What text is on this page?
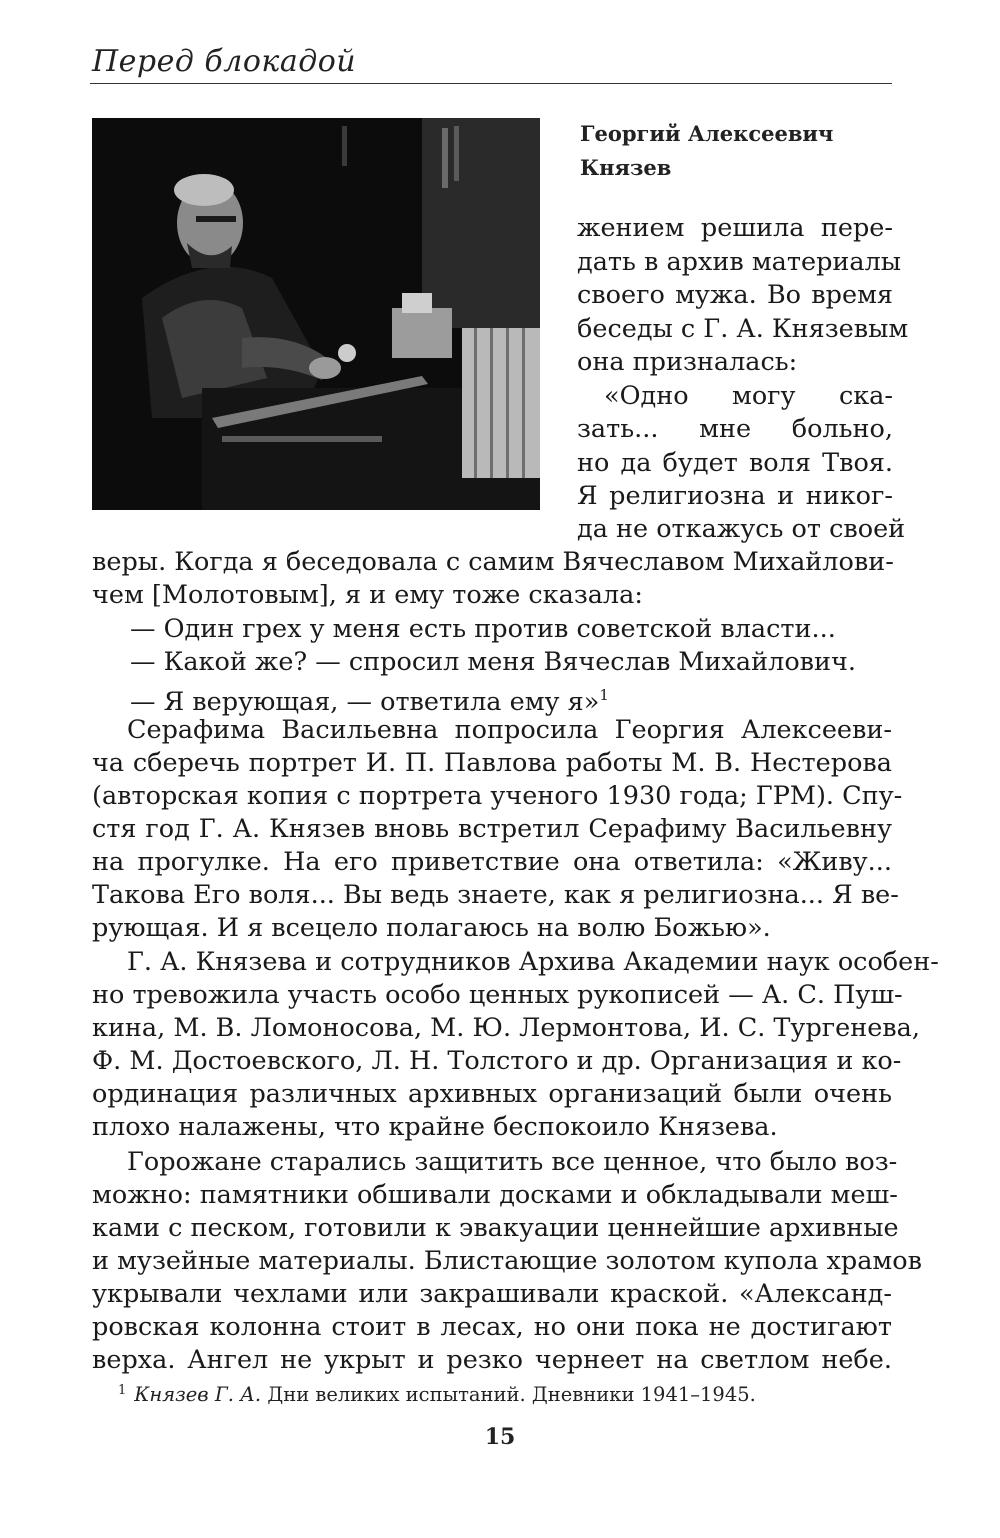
Перед блокадой
Георгий Алексеевич
Князев
жением решила пере-
дать в архив материалы
своего мужа. Во время
беседы с Г. А. Князевым
она призналась:
«Одно могу ска-
зать... мне больно,
но да будет воля Твоя.
Я религиозна и никог-
да не откажусь от своей
веры. Когда я беседовала с самим Вячеславом Михайлови-
чем [Молотовым], я и ему тоже сказала:
— Один грех у меня есть против советской власти...
— Какой же? — спросил меня Вячеслав Михайлович.
— Я верующая, — ответила ему я»$^1$
Серафима Васильевна попросила Георгия Алексееви-
ча сберечь портрет И. П. Павлова работы М. В. Нестерова
(авторская копия с портрета ученого 1930 года; ГРМ). Спу-
стя год Г. А. Князев вновь встретил Серафиму Васильевну
на прогулке. На его приветствие она ответила: «Живу...
Такова Его воля... Вы ведь знаете, как я религиозна... Я ве-
рующая. И я всецело полагаюсь на волю Божью».
Г. А. Князева и сотрудников Архива Академии наук особен-
но тревожила участь особо ценных рукописей — А. С. Пуш-
кина, М. В. Ломоносова, М. Ю. Лермонтова, И. С. Тургенева,
Ф. М. Достоевского, Л. Н. Толстого и др. Организация и ко-
ординация различных архивных организаций были очень
плохо налажены, что крайне беспокоило Князева.
Горожане старались защитить все ценное, что было воз-
можно: памятники обшивали досками и обкладывали меш-
ками с песком, готовили к эвакуации ценнейшие архивные
и музейные материалы. Блистающие золотом купола храмов
укрывали чехлами или закрашивали краской. «Александ-
ровская колонна стоит в лесах, но они пока не достигают
верха. Ангел не укрыт и резко чернеет на светлом небе.
$^1$ Князев Г. А. Дни великих испытаний. Дневники 1941–1945.
15
